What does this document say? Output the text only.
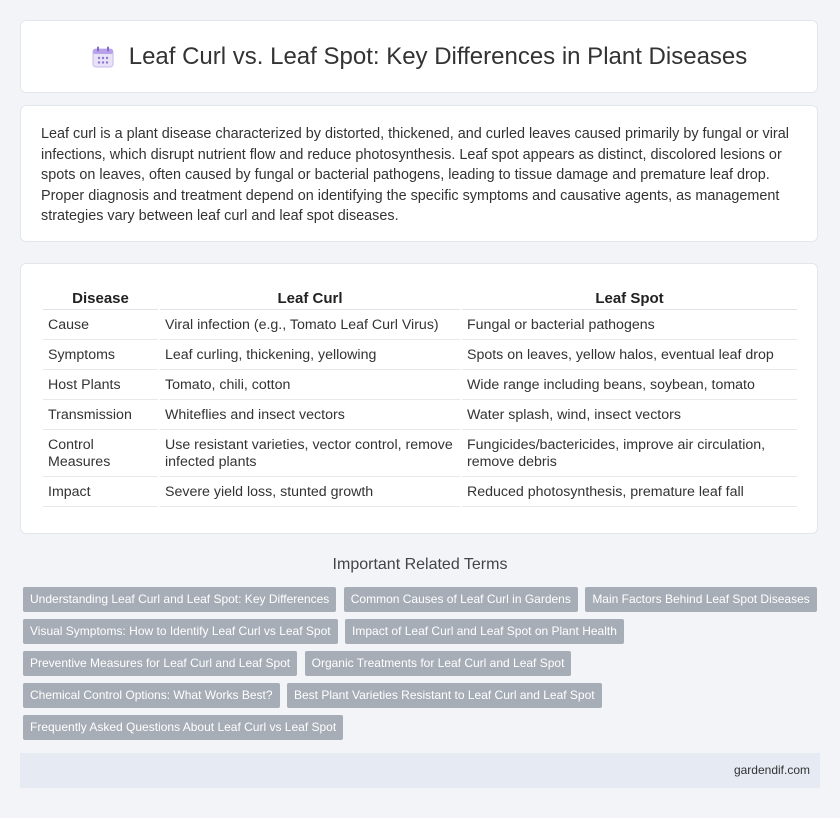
Leaf Curl vs. Leaf Spot: Key Differences in Plant Diseases

Leaf curl is a plant disease characterized by distorted, thickened, and curled leaves caused primarily by fungal or viral infections, which disrupt nutrient flow and reduce photosynthesis. Leaf spot appears as distinct, discolored lesions or spots on leaves, often caused by fungal or bacterial pathogens, leading to tissue damage and premature leaf drop. Proper diagnosis and treatment depend on identifying the specific symptoms and causative agents, as management strategies vary between leaf curl and leaf spot diseases.

Disease	Leaf Curl	Leaf Spot
Cause	Viral infection (e.g., Tomato Leaf Curl Virus)	Fungal or bacterial pathogens
Symptoms	Leaf curling, thickening, yellowing	Spots on leaves, yellow halos, eventual leaf drop
Host Plants	Tomato, chili, cotton	Wide range including beans, soybean, tomato
Transmission	Whiteflies and insect vectors	Water splash, wind, insect vectors
Control Measures	Use resistant varieties, vector control, remove infected plants	Fungicides/bactericides, improve air circulation, remove debris
Impact	Severe yield loss, stunted growth	Reduced photosynthesis, premature leaf fall
Important Related Terms
Understanding Leaf Curl and Leaf Spot: Key Differences Common Causes of Leaf Curl in Gardens Main Factors Behind Leaf Spot Diseases Visual Symptoms: How to Identify Leaf Curl vs Leaf Spot Impact of Leaf Curl and Leaf Spot on Plant Health Preventive Measures for Leaf Curl and Leaf Spot Organic Treatments for Leaf Curl and Leaf Spot Chemical Control Options: What Works Best? Best Plant Varieties Resistant to Leaf Curl and Leaf Spot Frequently Asked Questions About Leaf Curl vs Leaf Spot
gardendif.com
